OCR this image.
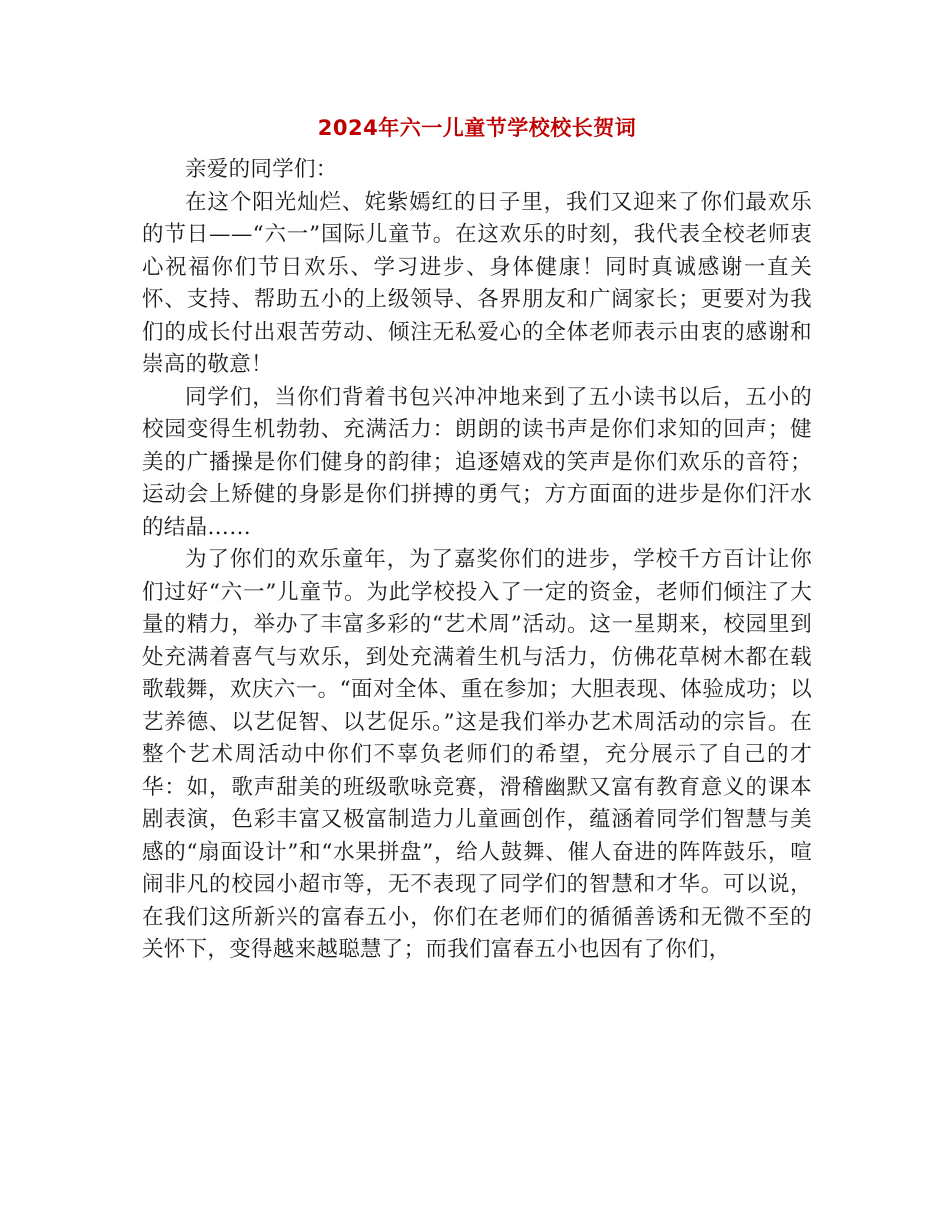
2024年六一儿童节学校校长贺词

亲爱的同学们：

在这个阳光灿烂、姹紫嫣红的日子里，我们又迎来了你们最欢乐的节日——“六一”国际儿童节。在这欢乐的时刻，我代表全校老师衷心祝福你们节日欢乐、学习进步、身体健康！同时真诚感谢一直关怀、支持、帮助五小的上级领导、各界朋友和广阔家长；更要对为我们的成长付出艰苦劳动、倾注无私爱心的全体老师表示由衷的感谢和崇高的敬意！

同学们，当你们背着书包兴冲冲地来到了五小读书以后，五小的校园变得生机勃勃、充满活力：朗朗的读书声是你们求知的回声；健美的广播操是你们健身的韵律；追逐嬉戏的笑声是你们欢乐的音符；运动会上矫健的身影是你们拼搏的勇气；方方面面的进步是你们汗水的结晶……

为了你们的欢乐童年，为了嘉奖你们的进步，学校千方百计让你们过好“六一”儿童节。为此学校投入了一定的资金，老师们倾注了大量的精力，举办了丰富多彩的“艺术周”活动。这一星期来，校园里到处充满着喜气与欢乐，到处充满着生机与活力，仿佛花草树木都在载歌载舞，欢庆六一。“面对全体、重在参加；大胆表现、体验成功；以艺养德、以艺促智、以艺促乐。”这是我们举办艺术周活动的宗旨。在整个艺术周活动中你们不辜负老师们的希望，充分展示了自己的才华：如，歌声甜美的班级歌咏竞赛，滑稽幽默又富有教育意义的课本剧表演，色彩丰富又极富制造力儿童画创作，蕴涵着同学们智慧与美感的“扇面设计”和“水果拼盘”，给人鼓舞、催人奋进的阵阵鼓乐，喧闹非凡的校园小超市等，无不表现了同学们的智慧和才华。可以说，在我们这所新兴的富春五小，你们在老师们的循循善诱和无微不至的关怀下，变得越来越聪慧了；而我们富春五小也因有了你们，
